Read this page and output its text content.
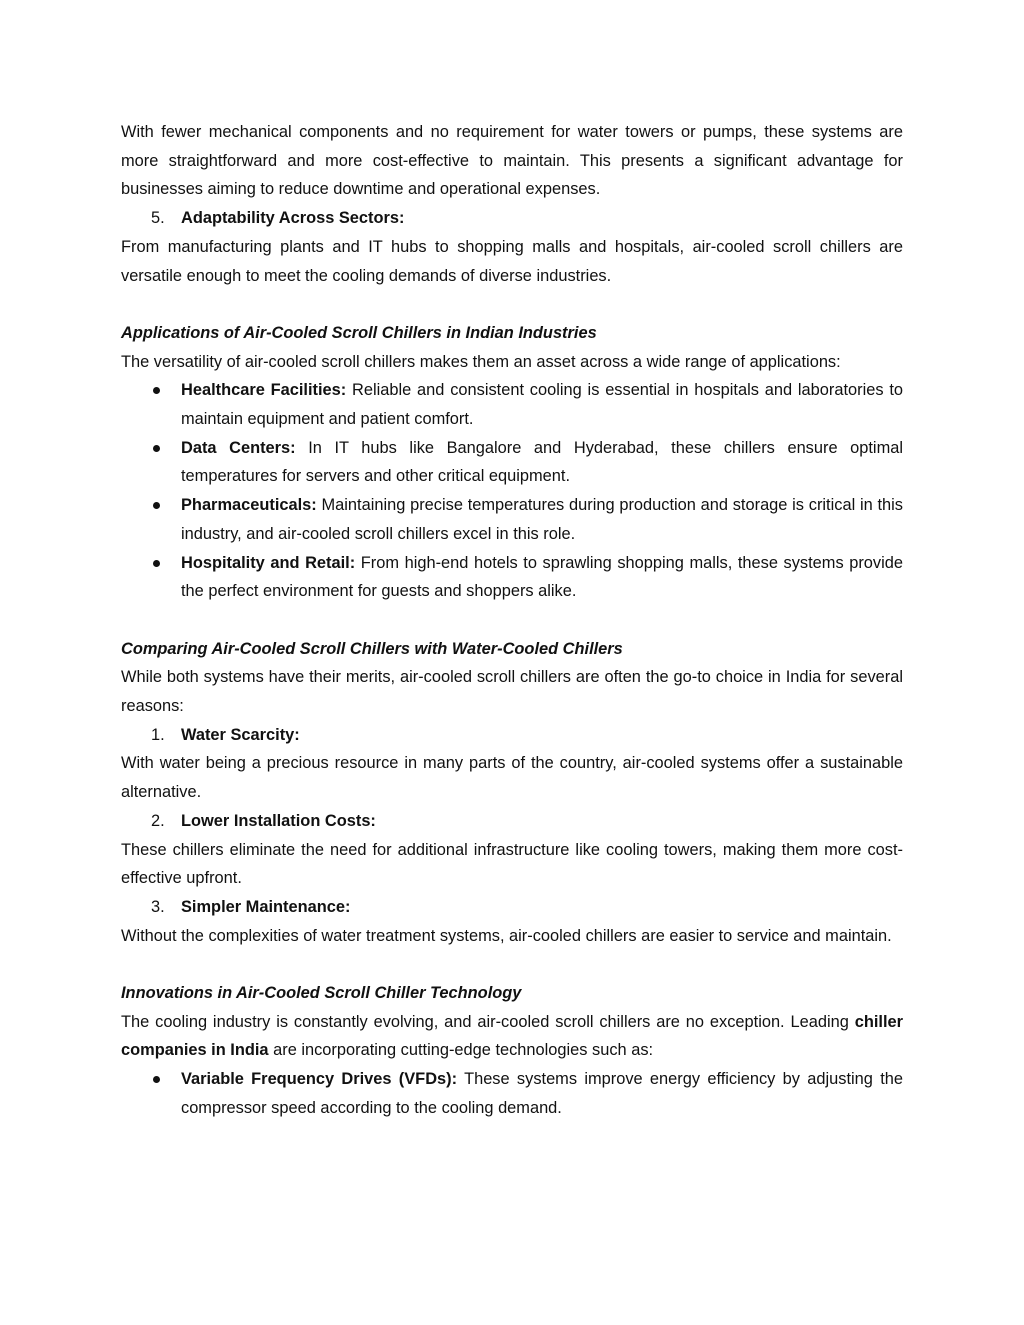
With fewer mechanical components and no requirement for water towers or pumps, these systems are more straightforward and more cost-effective to maintain. This presents a significant advantage for businesses aiming to reduce downtime and operational expenses.

5. Adaptability Across Sectors:

From manufacturing plants and IT hubs to shopping malls and hospitals, air-cooled scroll chillers are versatile enough to meet the cooling demands of diverse industries.

Applications of Air-Cooled Scroll Chillers in Indian Industries

The versatility of air-cooled scroll chillers makes them an asset across a wide range of applications:

Healthcare Facilities: Reliable and consistent cooling is essential in hospitals and laboratories to maintain equipment and patient comfort.
Data Centers: In IT hubs like Bangalore and Hyderabad, these chillers ensure optimal temperatures for servers and other critical equipment.
Pharmaceuticals: Maintaining precise temperatures during production and storage is critical in this industry, and air-cooled scroll chillers excel in this role.
Hospitality and Retail: From high-end hotels to sprawling shopping malls, these systems provide the perfect environment for guests and shoppers alike.

Comparing Air-Cooled Scroll Chillers with Water-Cooled Chillers

While both systems have their merits, air-cooled scroll chillers are often the go-to choice in India for several reasons:

1. Water Scarcity:

With water being a precious resource in many parts of the country, air-cooled systems offer a sustainable alternative.

2. Lower Installation Costs:

These chillers eliminate the need for additional infrastructure like cooling towers, making them more cost-effective upfront.

3. Simpler Maintenance:

Without the complexities of water treatment systems, air-cooled chillers are easier to service and maintain.

Innovations in Air-Cooled Scroll Chiller Technology

The cooling industry is constantly evolving, and air-cooled scroll chillers are no exception. Leading chiller companies in India are incorporating cutting-edge technologies such as:

Variable Frequency Drives (VFDs): These systems improve energy efficiency by adjusting the compressor speed according to the cooling demand.
